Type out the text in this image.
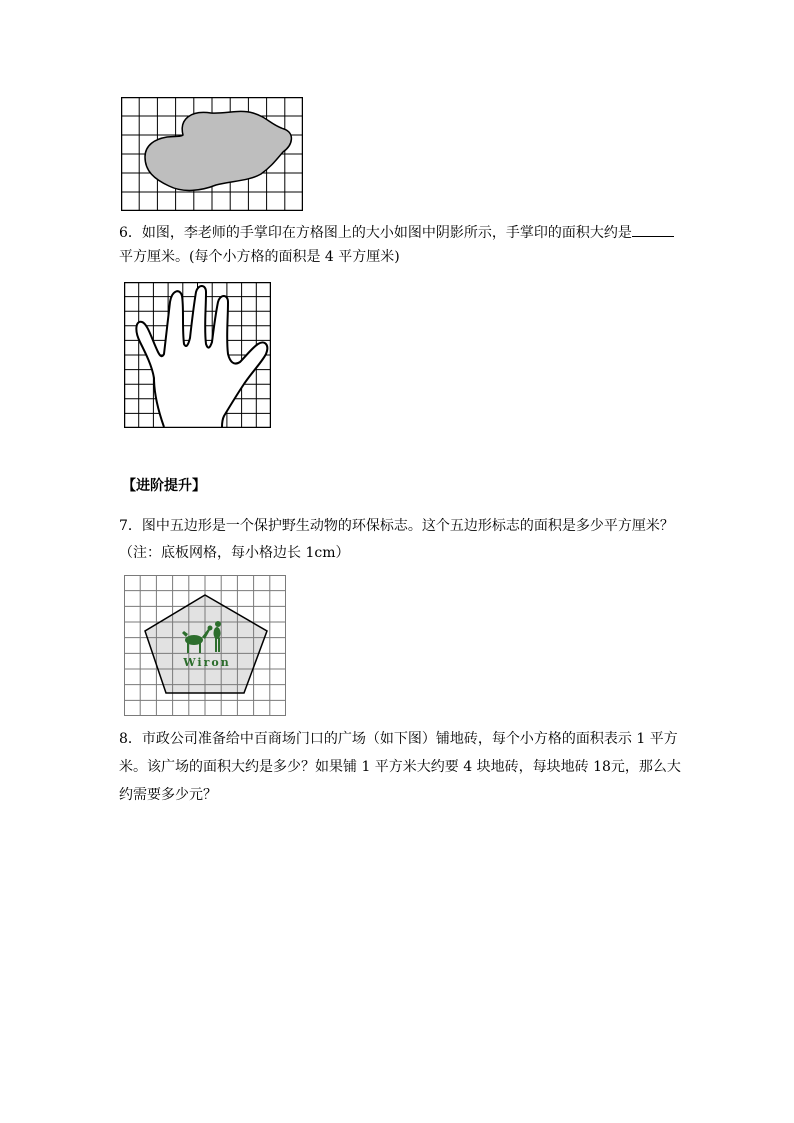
6．如图，李老师的手掌印在方格图上的大小如图中阴影所示，手掌印的面积大约是
平方厘米。(每个小方格的面积是 4 平方厘米)
【进阶提升】
7．图中五边形是一个保护野生动物的环保标志。这个五边形标志的面积是多少平方厘米？
（注：底板网格，每小格边长 1cm）
Wiron
8．市政公司准备给中百商场门口的广场（如下图）铺地砖，每个小方格的面积表示 1 平方
米。该广场的面积大约是多少？如果铺 1 平方米大约要 4 块地砖，每块地砖 18元，那么大
约需要多少元？
